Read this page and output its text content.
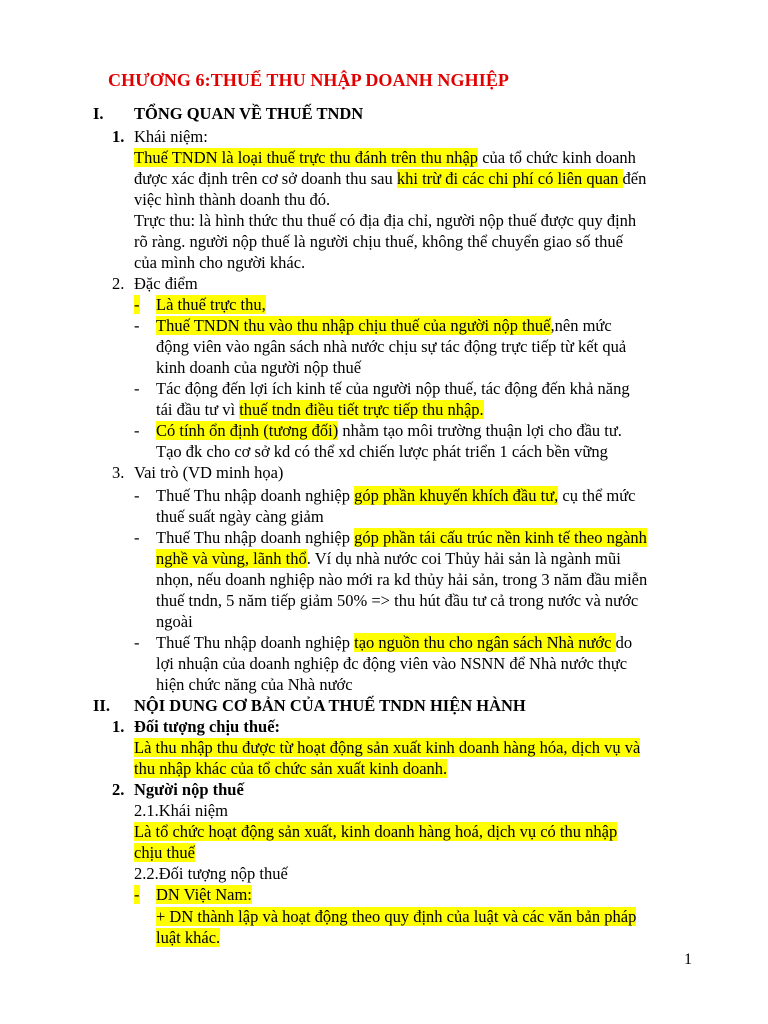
CHƯƠNG 6:THUẾ THU NHẬP DOANH NGHIỆP
I. TỔNG QUAN VỀ THUẾ TNDN
1. Khái niệm:
Thuế TNDN là loại thuế trực thu đánh trên thu nhập của tổ chức kinh doanh
được xác định trên cơ sở doanh thu sau khi trừ đi các chi phí có liên quan đến
việc hình thành doanh thu đó.
Trực thu: là hình thức thu thuế có địa địa chỉ, người nộp thuế được quy định
rõ ràng. người nộp thuế là người chịu thuế, không thể chuyển giao số thuế
của mình cho người khác.
2. Đặc điểm
- Là thuế trực thu,
- Thuế TNDN thu vào thu nhập chịu thuế của người nộp thuế,nên mức
động viên vào ngân sách nhà nước chịu sự tác động trực tiếp từ kết quả
kinh doanh của người nộp thuế
- Tác động đến lợi ích kinh tế của người nộp thuế, tác động đến khả năng
tái đầu tư vì thuế tndn điều tiết trực tiếp thu nhập.
- Có tính ổn định (tương đối) nhằm tạo môi trường thuận lợi cho đầu tư.
Tạo đk cho cơ sở kd có thể xd chiến lược phát triển 1 cách bền vững
3. Vai trò (VD minh họa)
- Thuế Thu nhập doanh nghiệp góp phần khuyến khích đầu tư, cụ thể mức
thuế suất ngày càng giảm
- Thuế Thu nhập doanh nghiệp góp phần tái cấu trúc nền kinh tế theo ngành
nghề và vùng, lãnh thổ. Ví dụ nhà nước coi Thủy hải sản là ngành mũi
nhọn, nếu doanh nghiệp nào mới ra kd thủy hải sản, trong 3 năm đầu miễn
thuế tndn, 5 năm tiếp giảm 50% => thu hút đầu tư cả trong nước và nước
ngoài
- Thuế Thu nhập doanh nghiệp tạo nguồn thu cho ngân sách Nhà nước do
lợi nhuận của doanh nghiệp đc động viên vào NSNN để Nhà nước thực
hiện chức năng của Nhà nước
II. NỘI DUNG CƠ BẢN CỦA THUẾ TNDN HIỆN HÀNH
1. Đối tượng chịu thuế:
Là thu nhập thu được từ hoạt động sản xuất kinh doanh hàng hóa, dịch vụ và
thu nhập khác của tổ chức sản xuất kinh doanh.
2. Người nộp thuế
2.1.Khái niệm
Là tổ chức hoạt động sản xuất, kinh doanh hàng hoá, dịch vụ có thu nhập
chịu thuế
2.2.Đối tượng nộp thuế
- DN Việt Nam:
+ DN thành lập và hoạt động theo quy định của luật và các văn bản pháp
luật khác.
1
